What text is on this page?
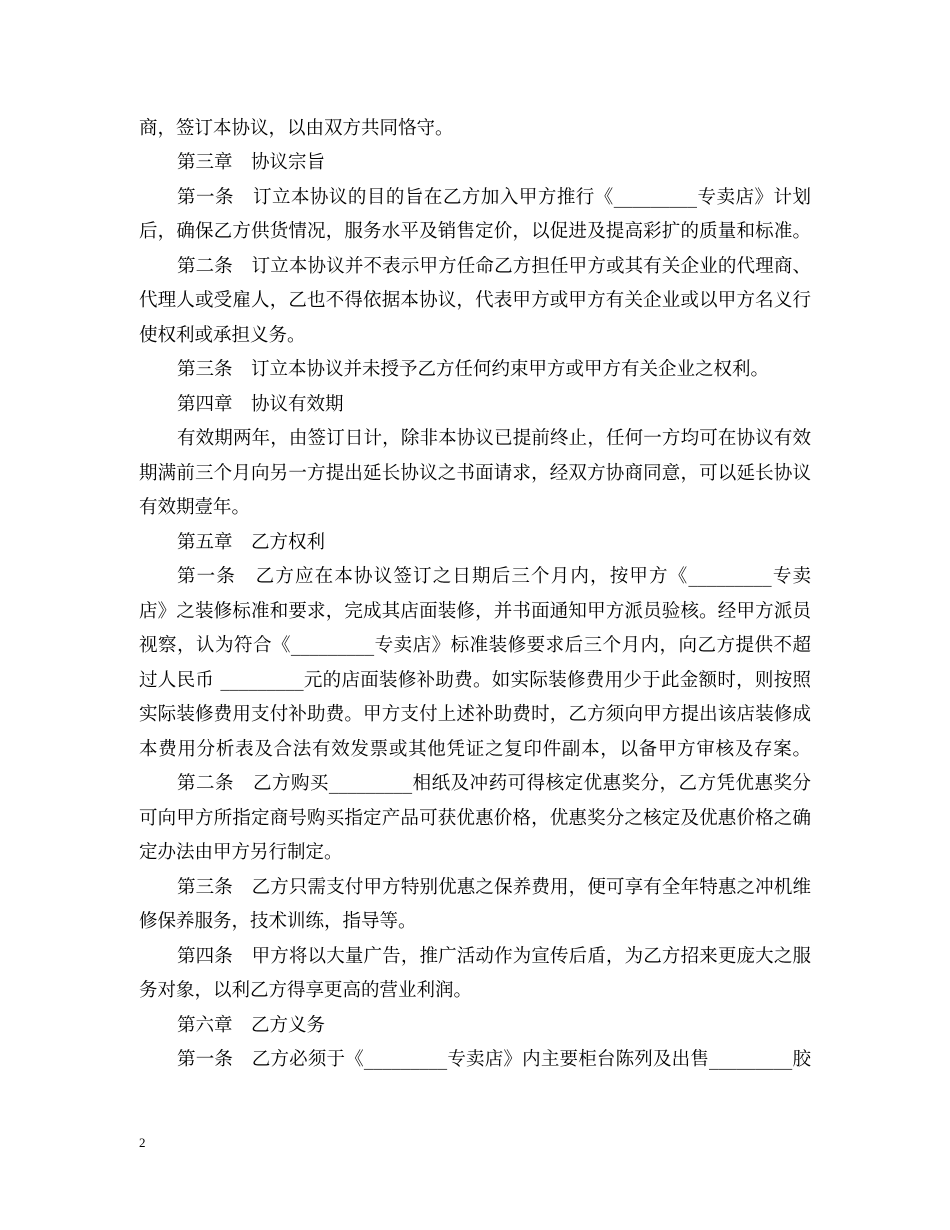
商，签订本协议，以由双方共同恪守。
第三章　协议宗旨
第一条　订立本协议的目的旨在乙方加入甲方推行《_________专卖店》计划
后，确保乙方供货情况，服务水平及销售定价，以促进及提高彩扩的质量和标准。
第二条　订立本协议并不表示甲方任命乙方担任甲方或其有关企业的代理商、
代理人或受雇人，乙也不得依据本协议，代表甲方或甲方有关企业或以甲方名义行
使权利或承担义务。
第三条　订立本协议并未授予乙方任何约束甲方或甲方有关企业之权利。
第四章　协议有效期
有效期两年，由签订日计，除非本协议已提前终止，任何一方均可在协议有效
期满前三个月向另一方提出延长协议之书面请求，经双方协商同意，可以延长协议
有效期壹年。
第五章　乙方权利
第一条　乙方应在本协议签订之日期后三个月内，按甲方《_________专卖
店》之装修标准和要求，完成其店面装修，并书面通知甲方派员验核。经甲方派员
视察，认为符合《_________专卖店》标准装修要求后三个月内，向乙方提供不超
过人民币 _________元的店面装修补助费。如实际装修费用少于此金额时，则按照
实际装修费用支付补助费。甲方支付上述补助费时，乙方须向甲方提出该店装修成
本费用分析表及合法有效发票或其他凭证之复印件副本，以备甲方审核及存案。
第二条　乙方购买_________相纸及冲药可得核定优惠奖分，乙方凭优惠奖分
可向甲方所指定商号购买指定产品可获优惠价格，优惠奖分之核定及优惠价格之确
定办法由甲方另行制定。
第三条　乙方只需支付甲方特别优惠之保养费用，便可享有全年特惠之冲机维
修保养服务，技术训练，指导等。
第四条　甲方将以大量广告，推广活动作为宣传后盾，为乙方招来更庞大之服
务对象，以利乙方得享更高的营业利润。
第六章　乙方义务
第一条　乙方必须于《_________专卖店》内主要柜台陈列及出售_________胶
2
